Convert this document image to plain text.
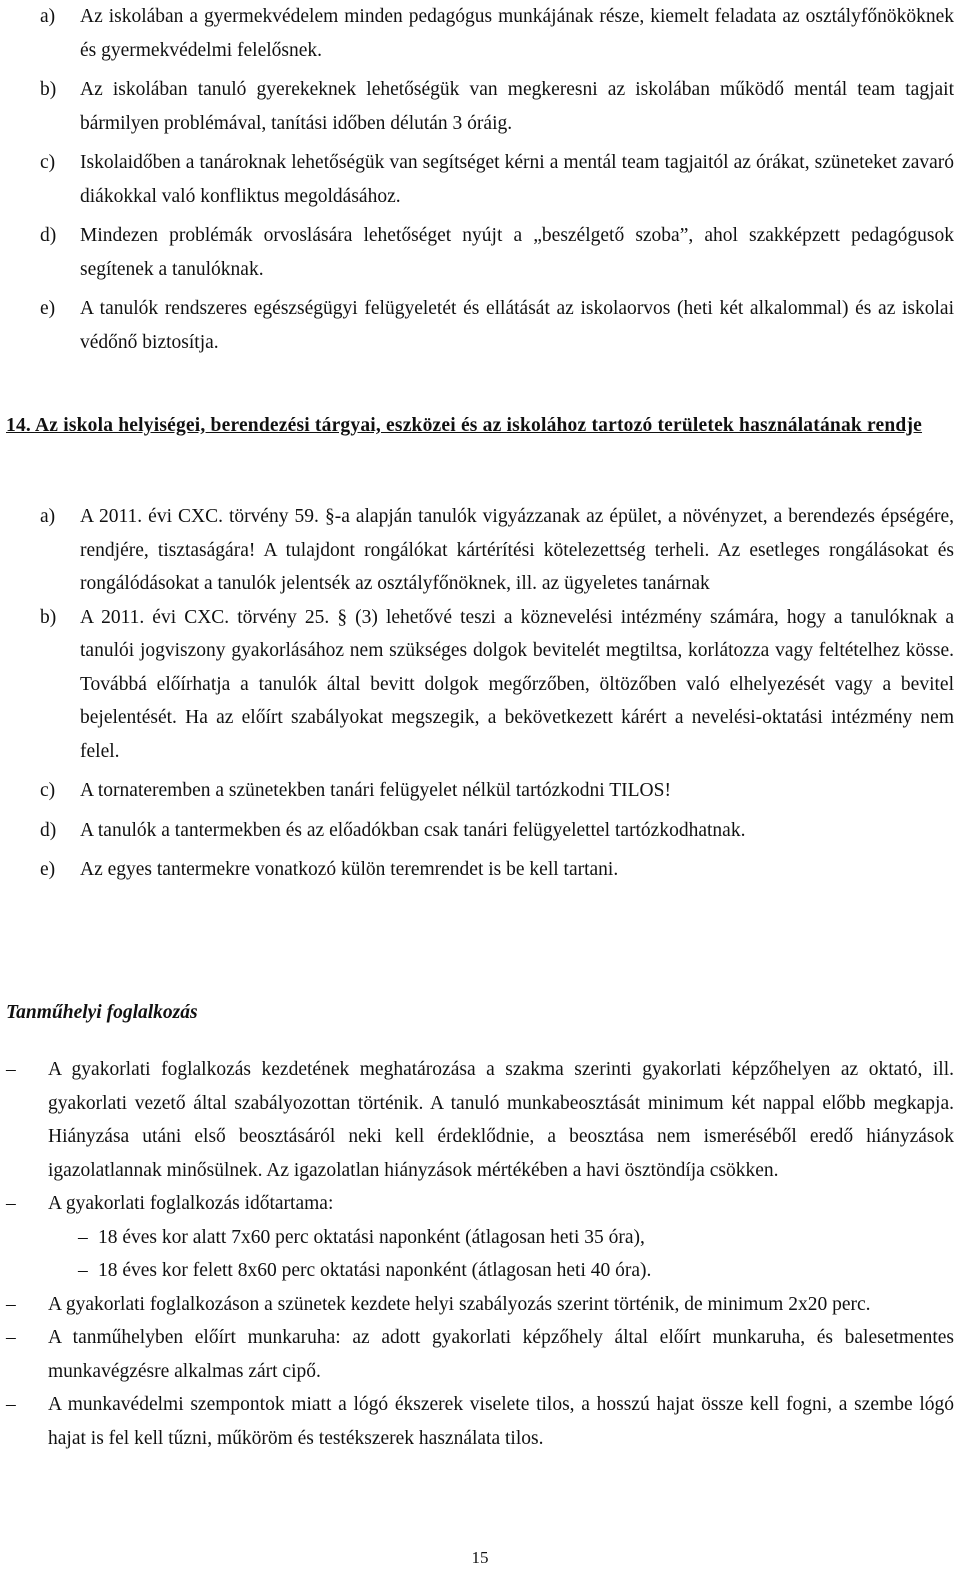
a) Az iskolában a gyermekvédelem minden pedagógus munkájának része, kiemelt feladata az osztályfőnököknek és gyermekvédelmi felelősnek.
b) Az iskolában tanuló gyerekeknek lehetőségük van megkeresni az iskolában működő mentál team tagjait bármilyen problémával, tanítási időben délután 3 óráig.
c) Iskolaidőben a tanároknak lehetőségük van segítséget kérni a mentál team tagjaitól az órákat, szüneteket zavaró diákokkal való konfliktus megoldásához.
d) Mindezen problémák orvoslására lehetőséget nyújt a „beszélgető szoba”, ahol szakképzett pedagógusok segítenek a tanulóknak.
e) A tanulók rendszeres egészségügyi felügyeletét és ellátását az iskolaorvos (heti két alkalommal) és az iskolai védőnő biztosítja.
14. Az iskola helyiségei, berendezési tárgyai, eszközei és az iskolához tartozó területek használatának rendje
a) A 2011. évi CXC. törvény 59. §-a alapján tanulók vigyázzanak az épület, a növényzet, a berendezés épségére, rendjére, tisztaságára! A tulajdont rongálókat kártérítési kötelezettség terheli. Az esetleges rongálásokat és rongálódásokat a tanulók jelentsék az osztályfőnöknek, ill. az ügyeletes tanárnak
b) A 2011. évi CXC. törvény 25. § (3) lehetővé teszi a köznevelési intézmény számára, hogy a tanulóknak a tanulói jogviszony gyakorlásához nem szükséges dolgok bevitelét megtiltsa, korlátozza vagy feltételhez kösse. Továbbá előírhatja a tanulók által bevitt dolgok megőrzőben, öltözőben való elhelyezését vagy a bevitel bejelentését. Ha az előírt szabályokat megszegik, a bekövetkezett kárért a nevelési-oktatási intézmény nem felel.
c) A tornateremben a szünetekben tanári felügyelet nélkül tartózkodni TILOS!
d) A tanulók a tantermekben és az előadókban csak tanári felügyelettel tartózkodhatnak.
e) Az egyes tantermekre vonatkozó külön teremrendet is be kell tartani.
Tanműhelyi foglalkozás
– A gyakorlati foglalkozás kezdetének meghatározása a szakma szerinti gyakorlati képzőhelyen az oktató, ill. gyakorlati vezető által szabályozottan történik. A tanuló munkabeosztását minimum két nappal előbb megkapja. Hiányzása utáni első beosztásáról neki kell érdeklődnie, a beosztása nem ismeréséből eredő hiányzások igazolatlannak minősülnek. Az igazolatlan hiányzások mértékében a havi ösztöndíja csökken.
– A gyakorlati foglalkozás időtartama:
– 18 éves kor alatt 7x60 perc oktatási naponként (átlagosan heti 35 óra),
– 18 éves kor felett 8x60 perc oktatási naponként (átlagosan heti 40 óra).
– A gyakorlati foglalkozáson a szünetek kezdete helyi szabályozás szerint történik, de minimum 2x20 perc.
– A tanműhelyben előírt munkaruha: az adott gyakorlati képzőhely által előírt munkaruha, és balesetmentes munkavégzésre alkalmas zárt cipő.
– A munkavédelmi szempontok miatt a lógó ékszerek viselete tilos, a hosszú hajat össze kell fogni, a szembe lógó hajat is fel kell tűzni, műköröm és testékszerek használata tilos.
15
